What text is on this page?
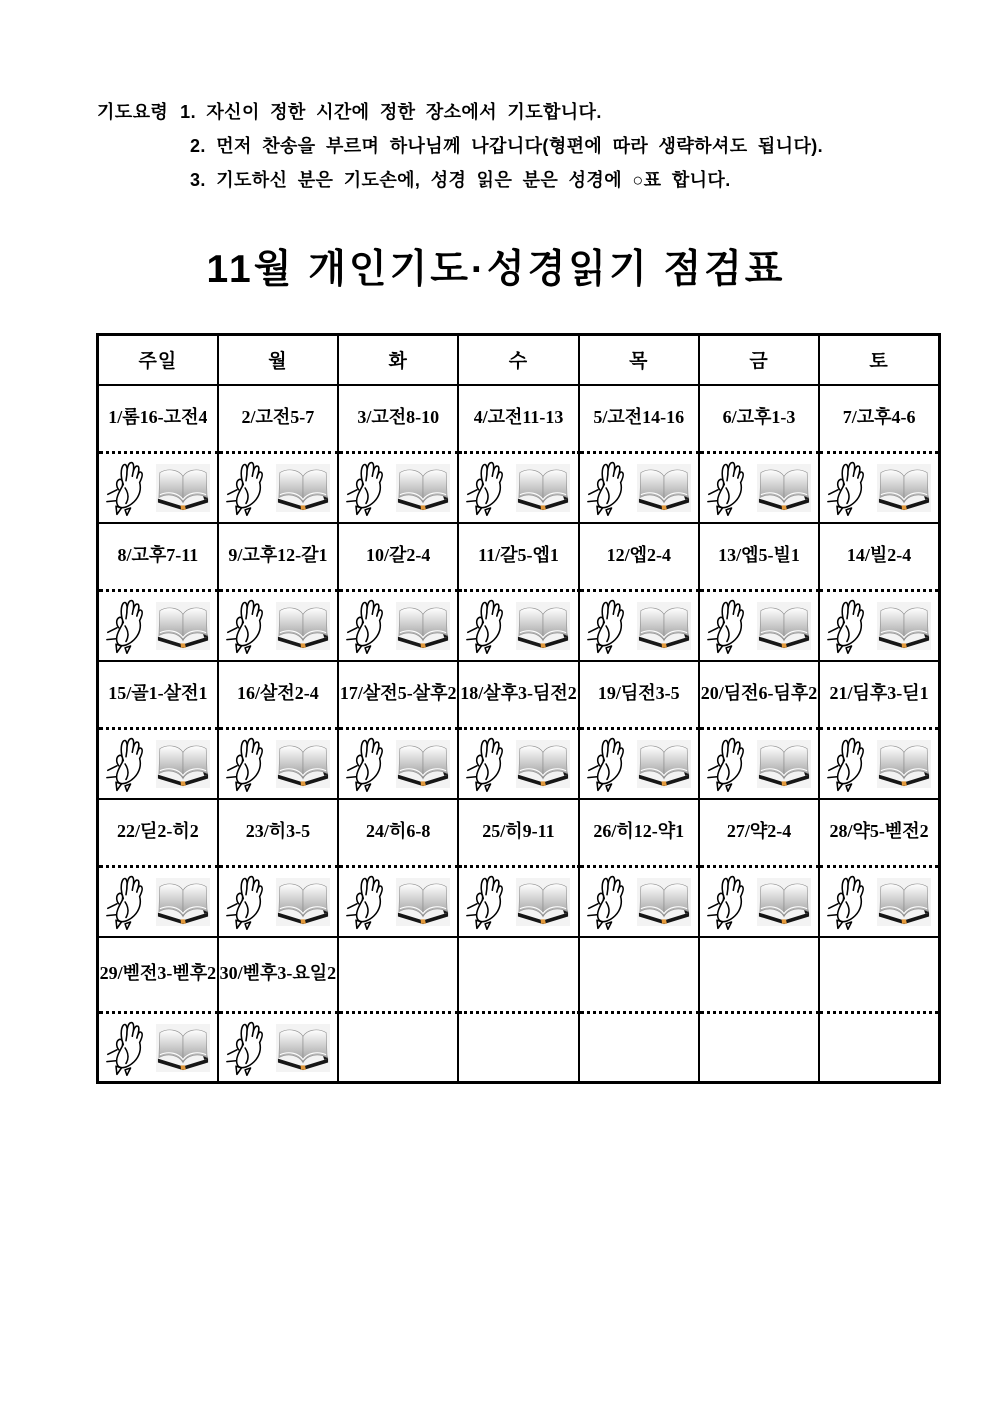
기도요령 1. 자신이 정한 시간에 정한 장소에서 기도합니다.
2. 먼저 찬송을 부르며 하나님께 나갑니다(형편에 따라 생략하셔도 됩니다).
3. 기도하신 분은 기도손에, 성경 읽은 분은 성경에 ○표 합니다.
11월 개인기도·성경읽기 점검표
주일	월	화	수	목	금	토
1/롬16-고전4	2/고전5-7	3/고전8-10	4/고전11-13	5/고전14-16	6/고후1-3	7/고후4-6

8/고후7-11	9/고후12-갈1	10/갈2-4	11/갈5-엡1	12/엡2-4	13/엡5-빌1	14/빌2-4

15/골1-살전1	16/살전2-4	17/살전5-살후2	18/살후3-딤전2	19/딤전3-5	20/딤전6-딤후2	21/딤후3-딛1

22/딛2-히2	23/히3-5	24/히6-8	25/히9-11	26/히12-약1	27/약2-4	28/약5-벧전2

29/벧전3-벧후2	30/벧후3-요일2					
